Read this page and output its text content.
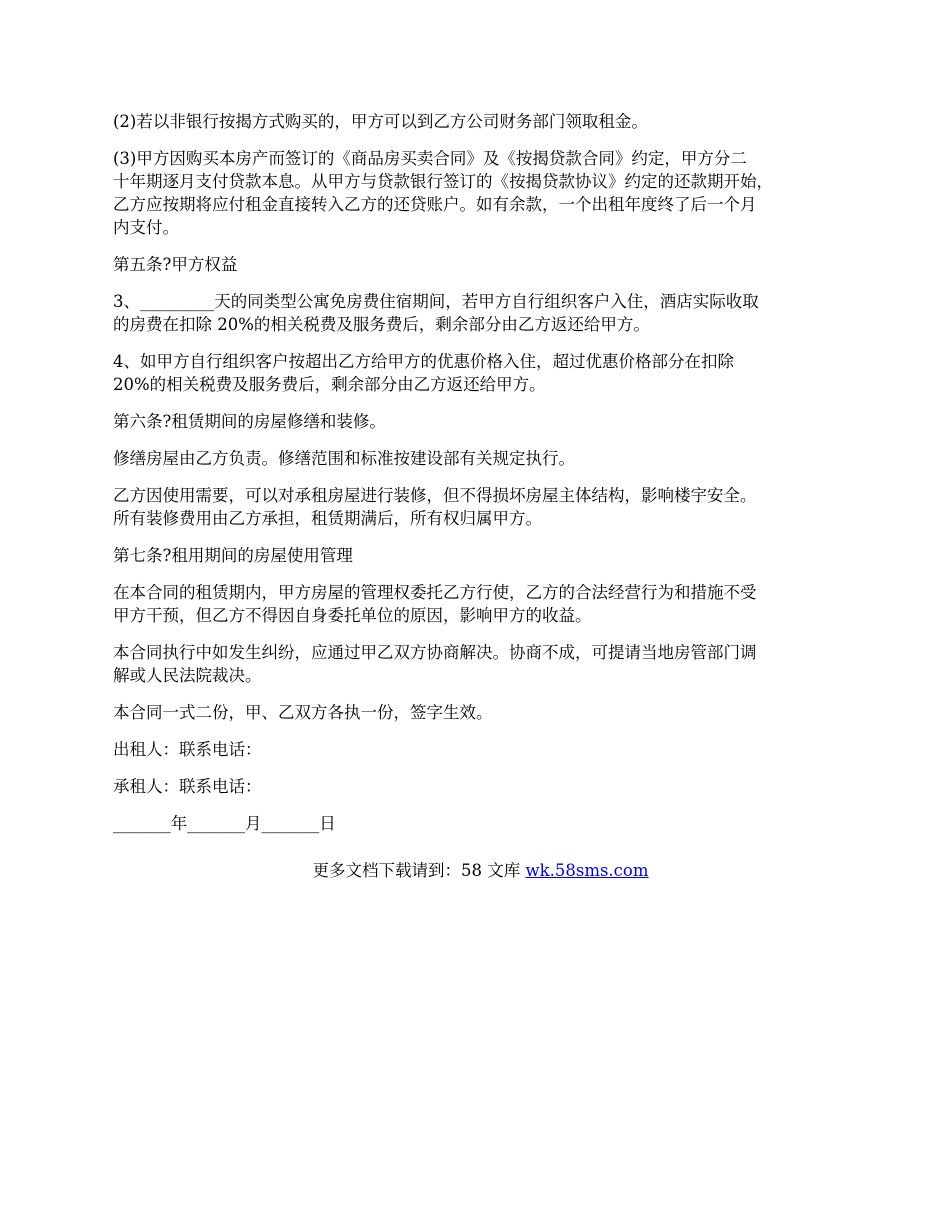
(2)若以非银行按揭方式购买的，甲方可以到乙方公司财务部门领取租金。

(3)甲方因购买本房产而签订的《商品房买卖合同》及《按揭贷款合同》约定，甲方分二
十年期逐月支付贷款本息。从甲方与贷款银行签订的《按揭贷款协议》约定的还款期开始，
乙方应按期将应付租金直接转入乙方的还贷账户。如有余款，一个出租年度终了后一个月
内支付。

第五条?甲方权益

3、_________天的同类型公寓免房费住宿期间，若甲方自行组织客户入住，酒店实际收取
的房费在扣除 20%的相关税费及服务费后，剩余部分由乙方返还给甲方。

4、如甲方自行组织客户按超出乙方给甲方的优惠价格入住，超过优惠价格部分在扣除
20%的相关税费及服务费后，剩余部分由乙方返还给甲方。

第六条?租赁期间的房屋修缮和装修。

修缮房屋由乙方负责。修缮范围和标准按建设部有关规定执行。

乙方因使用需要，可以对承租房屋进行装修，但不得损坏房屋主体结构，影响楼宇安全。
所有装修费用由乙方承担，租赁期满后，所有权归属甲方。

第七条?租用期间的房屋使用管理

在本合同的租赁期内，甲方房屋的管理权委托乙方行使，乙方的合法经营行为和措施不受
甲方干预，但乙方不得因自身委托单位的原因，影响甲方的收益。

本合同执行中如发生纠纷，应通过甲乙双方协商解决。协商不成，可提请当地房管部门调
解或人民法院裁决。

本合同一式二份，甲、乙双方各执一份，签字生效。

出租人：联系电话：

承租人：联系电话：

_______年_______月_______日

更多文档下载请到：58 文库 wk.58sms.com
